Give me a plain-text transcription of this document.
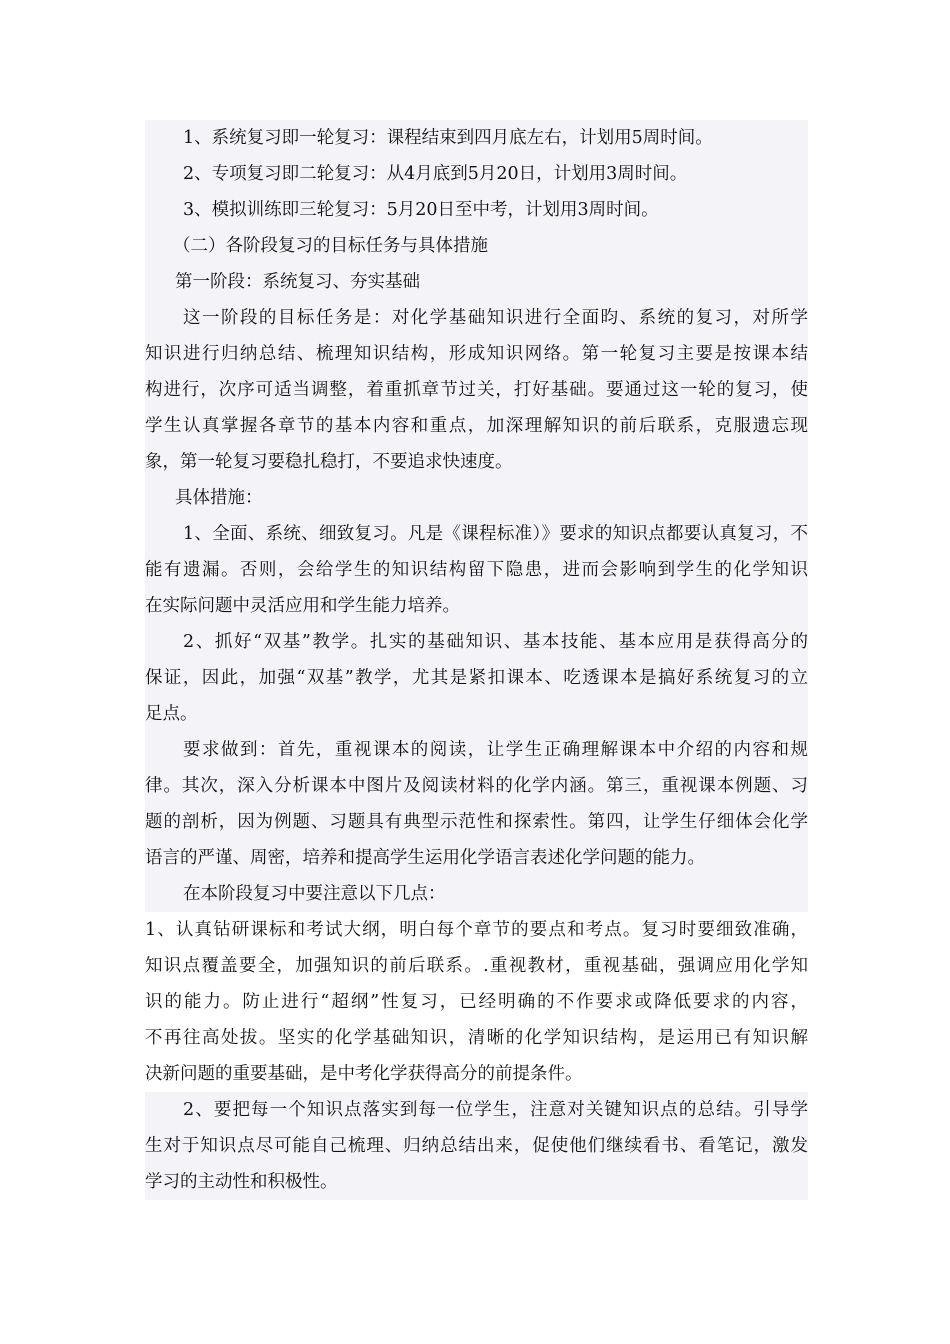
1、系统复习即一轮复习：课程结束到四月底左右，计划用5周时间。

2、专项复习即二轮复习：从4月底到5月20日，计划用3周时间。

3、模拟训练即三轮复习：5月20日至中考，计划用3周时间。

（二）各阶段复习的目标任务与具体措施

第一阶段：系统复习、夯实基础

这一阶段的目标任务是：对化学基础知识进行全面昀、系统的复习，对所学

知识进行归纳总结、梳理知识结构，形成知识网络。第一轮复习主要是按课本结

构进行，次序可适当调整，着重抓章节过关，打好基础。要通过这一轮的复习，使

学生认真掌握各章节的基本内容和重点，加深理解知识的前后联系，克服遗忘现

象，第一轮复习要稳扎稳打，不要追求快速度。

具体措施：

1、全面、系统、细致复习。凡是《课程标准）》要求的知识点都要认真复习，不

能有遗漏。否则，会给学生的知识结构留下隐患，进而会影响到学生的化学知识

在实际问题中灵活应用和学生能力培养。

2、抓好“双基”教学。扎实的基础知识、基本技能、基本应用是获得高分的

保证，因此，加强“双基”教学，尤其是紧扣课本、吃透课本是搞好系统复习的立

足点。

要求做到：首先，重视课本的阅读，让学生正确理解课本中介绍的内容和规

律。其次，深入分析课本中图片及阅读材料的化学内涵。第三，重视课本例题、习

题的剖析，因为例题、习题具有典型示范性和探索性。第四，让学生仔细体会化学

语言的严谨、周密，培养和提高学生运用化学语言表述化学问题的能力。

在本阶段复习中要注意以下几点：

1、认真钻研课标和考试大纲，明白每个章节的要点和考点。复习时要细致准确，

知识点覆盖要全，加强知识的前后联系。.重视教材，重视基础，强调应用化学知

识的能力。防止进行“超纲”性复习，已经明确的不作要求或降低要求的内容，

不再往高处拔。坚实的化学基础知识，清晰的化学知识结构，是运用已有知识解

决新问题的重要基础，是中考化学获得高分的前提条件。

2、要把每一个知识点落实到每一位学生，注意对关键知识点的总结。引导学

生对于知识点尽可能自己梳理、归纳总结出来，促使他们继续看书、看笔记，激发

学习的主动性和积极性。
